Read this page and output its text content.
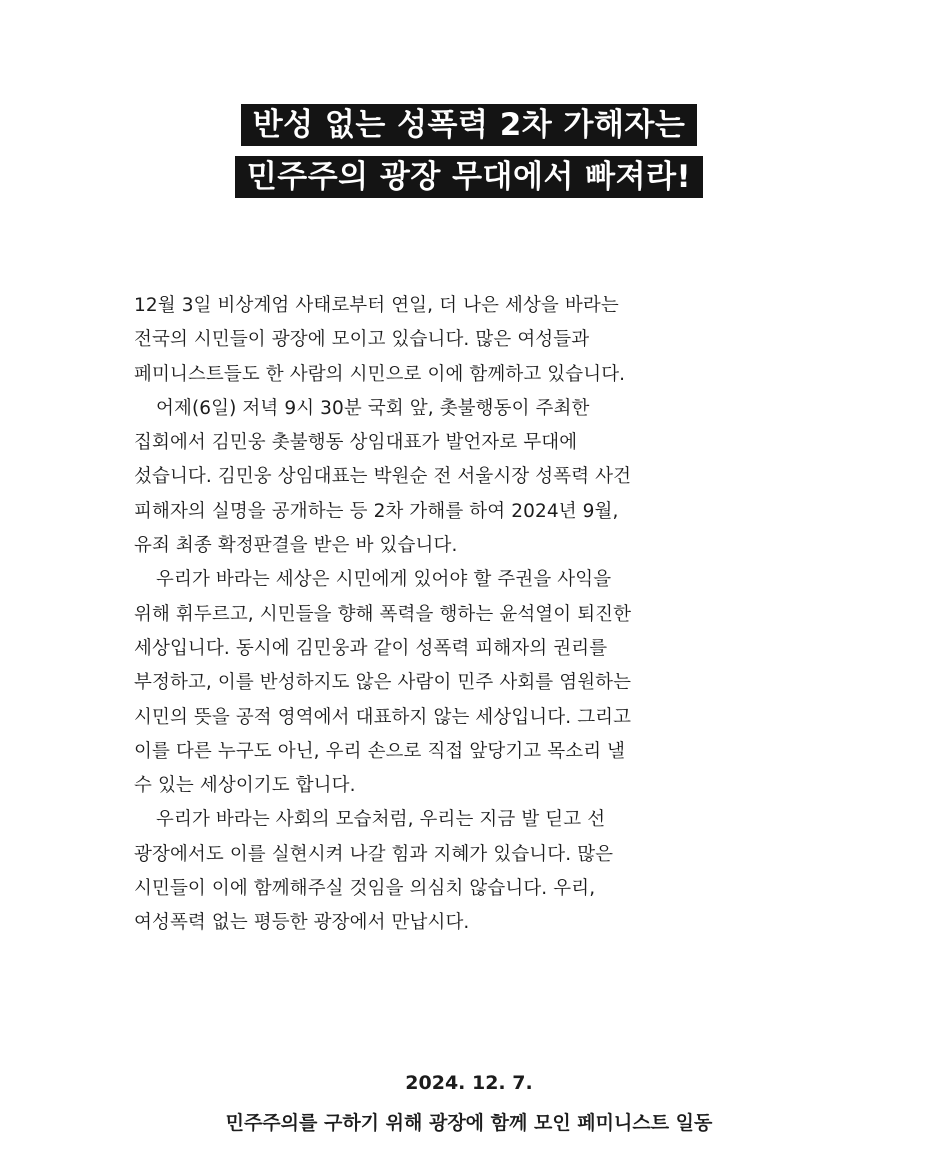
반성 없는 성폭력 2차 가해자는
민주주의 광장 무대에서 빠져라!
12월 3일 비상계엄 사태로부터 연일, 더 나은 세상을 바라는
전국의 시민들이 광장에 모이고 있습니다. 많은 여성들과
페미니스트들도 한 사람의 시민으로 이에 함께하고 있습니다.
어제(6일) 저녁 9시 30분 국회 앞, 촛불행동이 주최한
집회에서 김민웅 촛불행동 상임대표가 발언자로 무대에
섰습니다. 김민웅 상임대표는 박원순 전 서울시장 성폭력 사건
피해자의 실명을 공개하는 등 2차 가해를 하여 2024년 9월,
유죄 최종 확정판결을 받은 바 있습니다.
우리가 바라는 세상은 시민에게 있어야 할 주권을 사익을
위해 휘두르고, 시민들을 향해 폭력을 행하는 윤석열이 퇴진한
세상입니다. 동시에 김민웅과 같이 성폭력 피해자의 권리를
부정하고, 이를 반성하지도 않은 사람이 민주 사회를 염원하는
시민의 뜻을 공적 영역에서 대표하지 않는 세상입니다. 그리고
이를 다른 누구도 아닌, 우리 손으로 직접 앞당기고 목소리 낼
수 있는 세상이기도 합니다.
우리가 바라는 사회의 모습처럼, 우리는 지금 발 딛고 선
광장에서도 이를 실현시켜 나갈 힘과 지혜가 있습니다. 많은
시민들이 이에 함께해주실 것임을 의심치 않습니다. 우리,
여성폭력 없는 평등한 광장에서 만납시다.
2024. 12. 7.
민주주의를 구하기 위해 광장에 함께 모인 페미니스트 일동
